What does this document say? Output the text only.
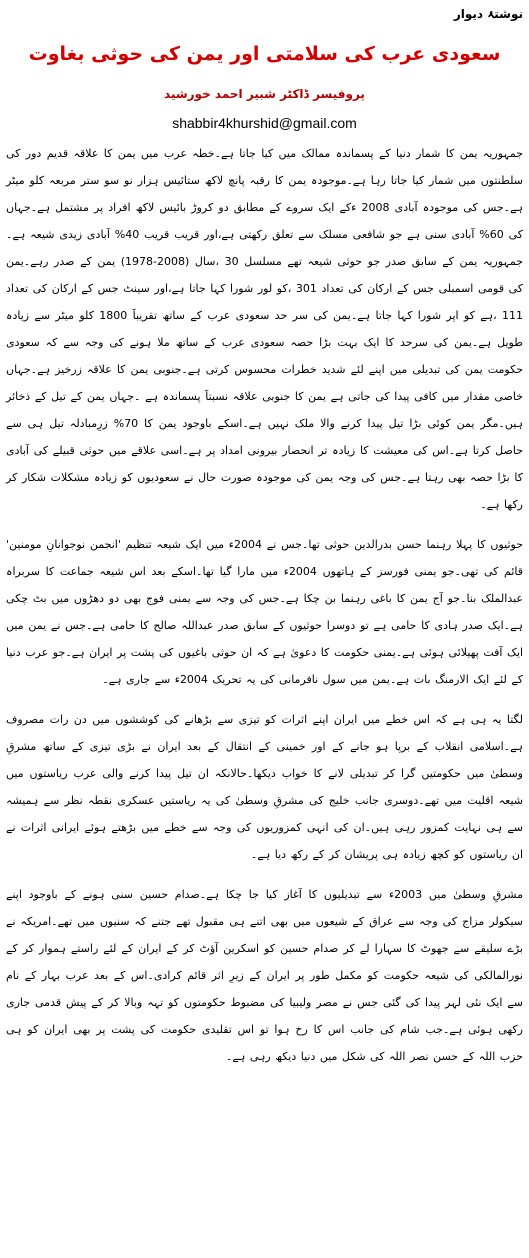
نوشتۂ دیوار
سعودی عرب کی سلامتی اور یمن کی حوثی بغاوت
پروفیسر ڈاکٹر شبیر احمد خورشید
shabbir4khurshid@gmail.com

جمہوریہ یمن کا شمار دنیا کے پسماندہ ممالک میں کیا جاتا ہے۔خطہ عرب میں یمن کا علاقہ قدیم دور کی سلطنتوں میں شمار کیا جاتا رہا ہے۔موجودہ یمن کا رقبہ پانچ لاکھ ستائیس ہزار نو سو ستر مربعہ کلو میٹر ہے۔جس کی موجودہ آبادی 2008 ءکے ایک سروے کے مطابق دو کروڑ بائیس لاکھ افراد پر مشتمل ہے۔جہاں کی 60% آبادی سنی ہے جو شافعی مسلک سے تعلق رکھتی ہے،اور قریب قریب 40% آبادی زیدی شیعہ ہے۔جمہوریہ یمن کے سابق صدر جو حوثی شیعہ تھے مسلسل 30 ،سال (2008-1978) یمن کے صدر رہے۔یمن کی قومی اسمبلی جس کے ارکان کی تعداد 301 ،کو لور شورا کہا جاتا ہے،اور سینٹ جس کے ارکان کی تعداد 111 ،ہے کو اپر شورا کہا جاتا ہے۔یمن کی سر حد سعودی عرب کے ساتھ تقریباََ 1800 کلو میٹر سے زیادہ طویل ہے۔یمن کی سرحد کا ایک بہت بڑا حصہ سعودی عرب کے ساتھ ملا ہونے کی وجہ سے کہ سعودی حکومت یمن کی تبدیلی میں اپنے لئے شدید خطرات محسوس کرتی ہے۔جنوبی یمن کا علاقہ زرخیز ہے۔جہاں خاصی مقدار میں کافی پیدا کی جاتی ہے یمن کا جنوبی علاقہ نسبتاََ پسماندہ ہے ۔جہاں یمن کے تیل کے ذخائر ہیں۔مگر یمن کوئی بڑا تیل پیدا کرنے والا ملک نہیں ہے۔اسکے باوجود یمن کا 70% زرِمبادلہ تیل ہی سے حاصل کرتا ہے۔اس کی معیشت کا زیادہ تر انحصار بیرونی امداد پر ہے۔اسی علاقے میں حوثی قبیلے کی آبادی کا بڑا حصہ بھی رہتا ہے۔جس کی وجہ یمن کی موجودہ صورت حال نے سعودیوں کو زیادہ مشکلات شکار کر رکھا ہے۔

حوثیوں کا پہلا رہنما حسن بدرالدین حوثی تھا۔جس نے 2004ء میں ایک شیعہ تنظیم 'انجمن نوجوانانِ مومنین' قائم کی تھی۔جو یمنی فورسز کے ہاتھوں 2004ء میں مارا گیا تھا۔اسکے بعد اس شیعہ جماعت کا سربراہ عبدالملک بنا۔جو آج یمن کا باغی رہنما بن چکا ہے۔جس کی وجہ سے یمنی فوج بھی دو دھڑوں میں بٹ چکی ہے۔ایک صدر ہادی کا حامی ہے تو دوسرا حوثیوں کے سابق صدر عبداللہ صالح کا حامی ہے۔جس نے یمن میں ایک آفت پھیلائی ہوئی ہے۔یمنی حکومت کا دعویٰ ہے کہ ان حوثی باغیوں کی پشت پر ایران ہے۔جو عرب دنیا کے لئے ایک الارمنگ بات ہے۔یمن میں سول نافرمانی کی یہ تحریک 2004ء سے جاری ہے۔

لگتا یہ ہی ہے کہ اس خطے میں ایران اپنے اثرات کو تیزی سے بڑھانے کی کوششوں میں دن رات مصروف ہے۔اسلامی انقلاب کے برپا ہو جانے کے اور خمینی کے انتقال کے بعد ایران نے بڑی تیزی کے ساتھ مشرقِ وسطیٰ میں حکومتیں گرا کر تبدیلی لانے کا خواب دیکھا۔حالانکہ ان تیل پیدا کرنے والی عرب ریاستوں میں شیعہ اقلیت میں تھے۔دوسری جانب خلیج کی مشرقِ وسطیٰ کی یہ ریاستیں عسکری نقطہ نظر سے ہمیشہ سے ہی نہایت کمزور رہی ہیں۔ان کی انہی کمزوریوں کی وجہ سے خطے میں بڑھتے ہوئے ایرانی اثرات نے ان ریاستوں کو کچھ زیادہ ہی پریشان کر کے رکھ دیا ہے۔

مشرقِ وسطیٰ میں 2003ء سے تبدیلیوں کا آغاز کیا جا چکا ہے۔صدام حسین سنی ہونے کے باوجود اپنے سیکولر مزاج کی وجہ سے عراق کے شیعوں میں بھی اتنے ہی مقبول تھے جتنے کہ سنیوں میں تھے۔امریکہ نے بڑے سلیقے سے جھوٹ کا سہارا لے کر صدام حسین کو اسکرین آؤٹ کر کے ایران کے لئے راستے ہموار کر کے نورالمالکی کی شیعہ حکومت کو مکمل طور پر ایران کے زیرِ اثر قائم کرادی۔اس کے بعد عرب بہار کے نام سے ایک نئی لہر پیدا کی گئی جس نے مصر ولیبیا کی مضبوط حکومتوں کو تہہ وبالا کر کے پیش قدمی جاری رکھی ہوئی ہے۔جب شام کی جانب اس کا رخ ہوا تو اس تقلیدی حکومت کی پشت پر بھی ایران کو ہی حزب اللہ کے حسن نصر اللہ کی شکل میں دنیا دیکھ رہی ہے۔
